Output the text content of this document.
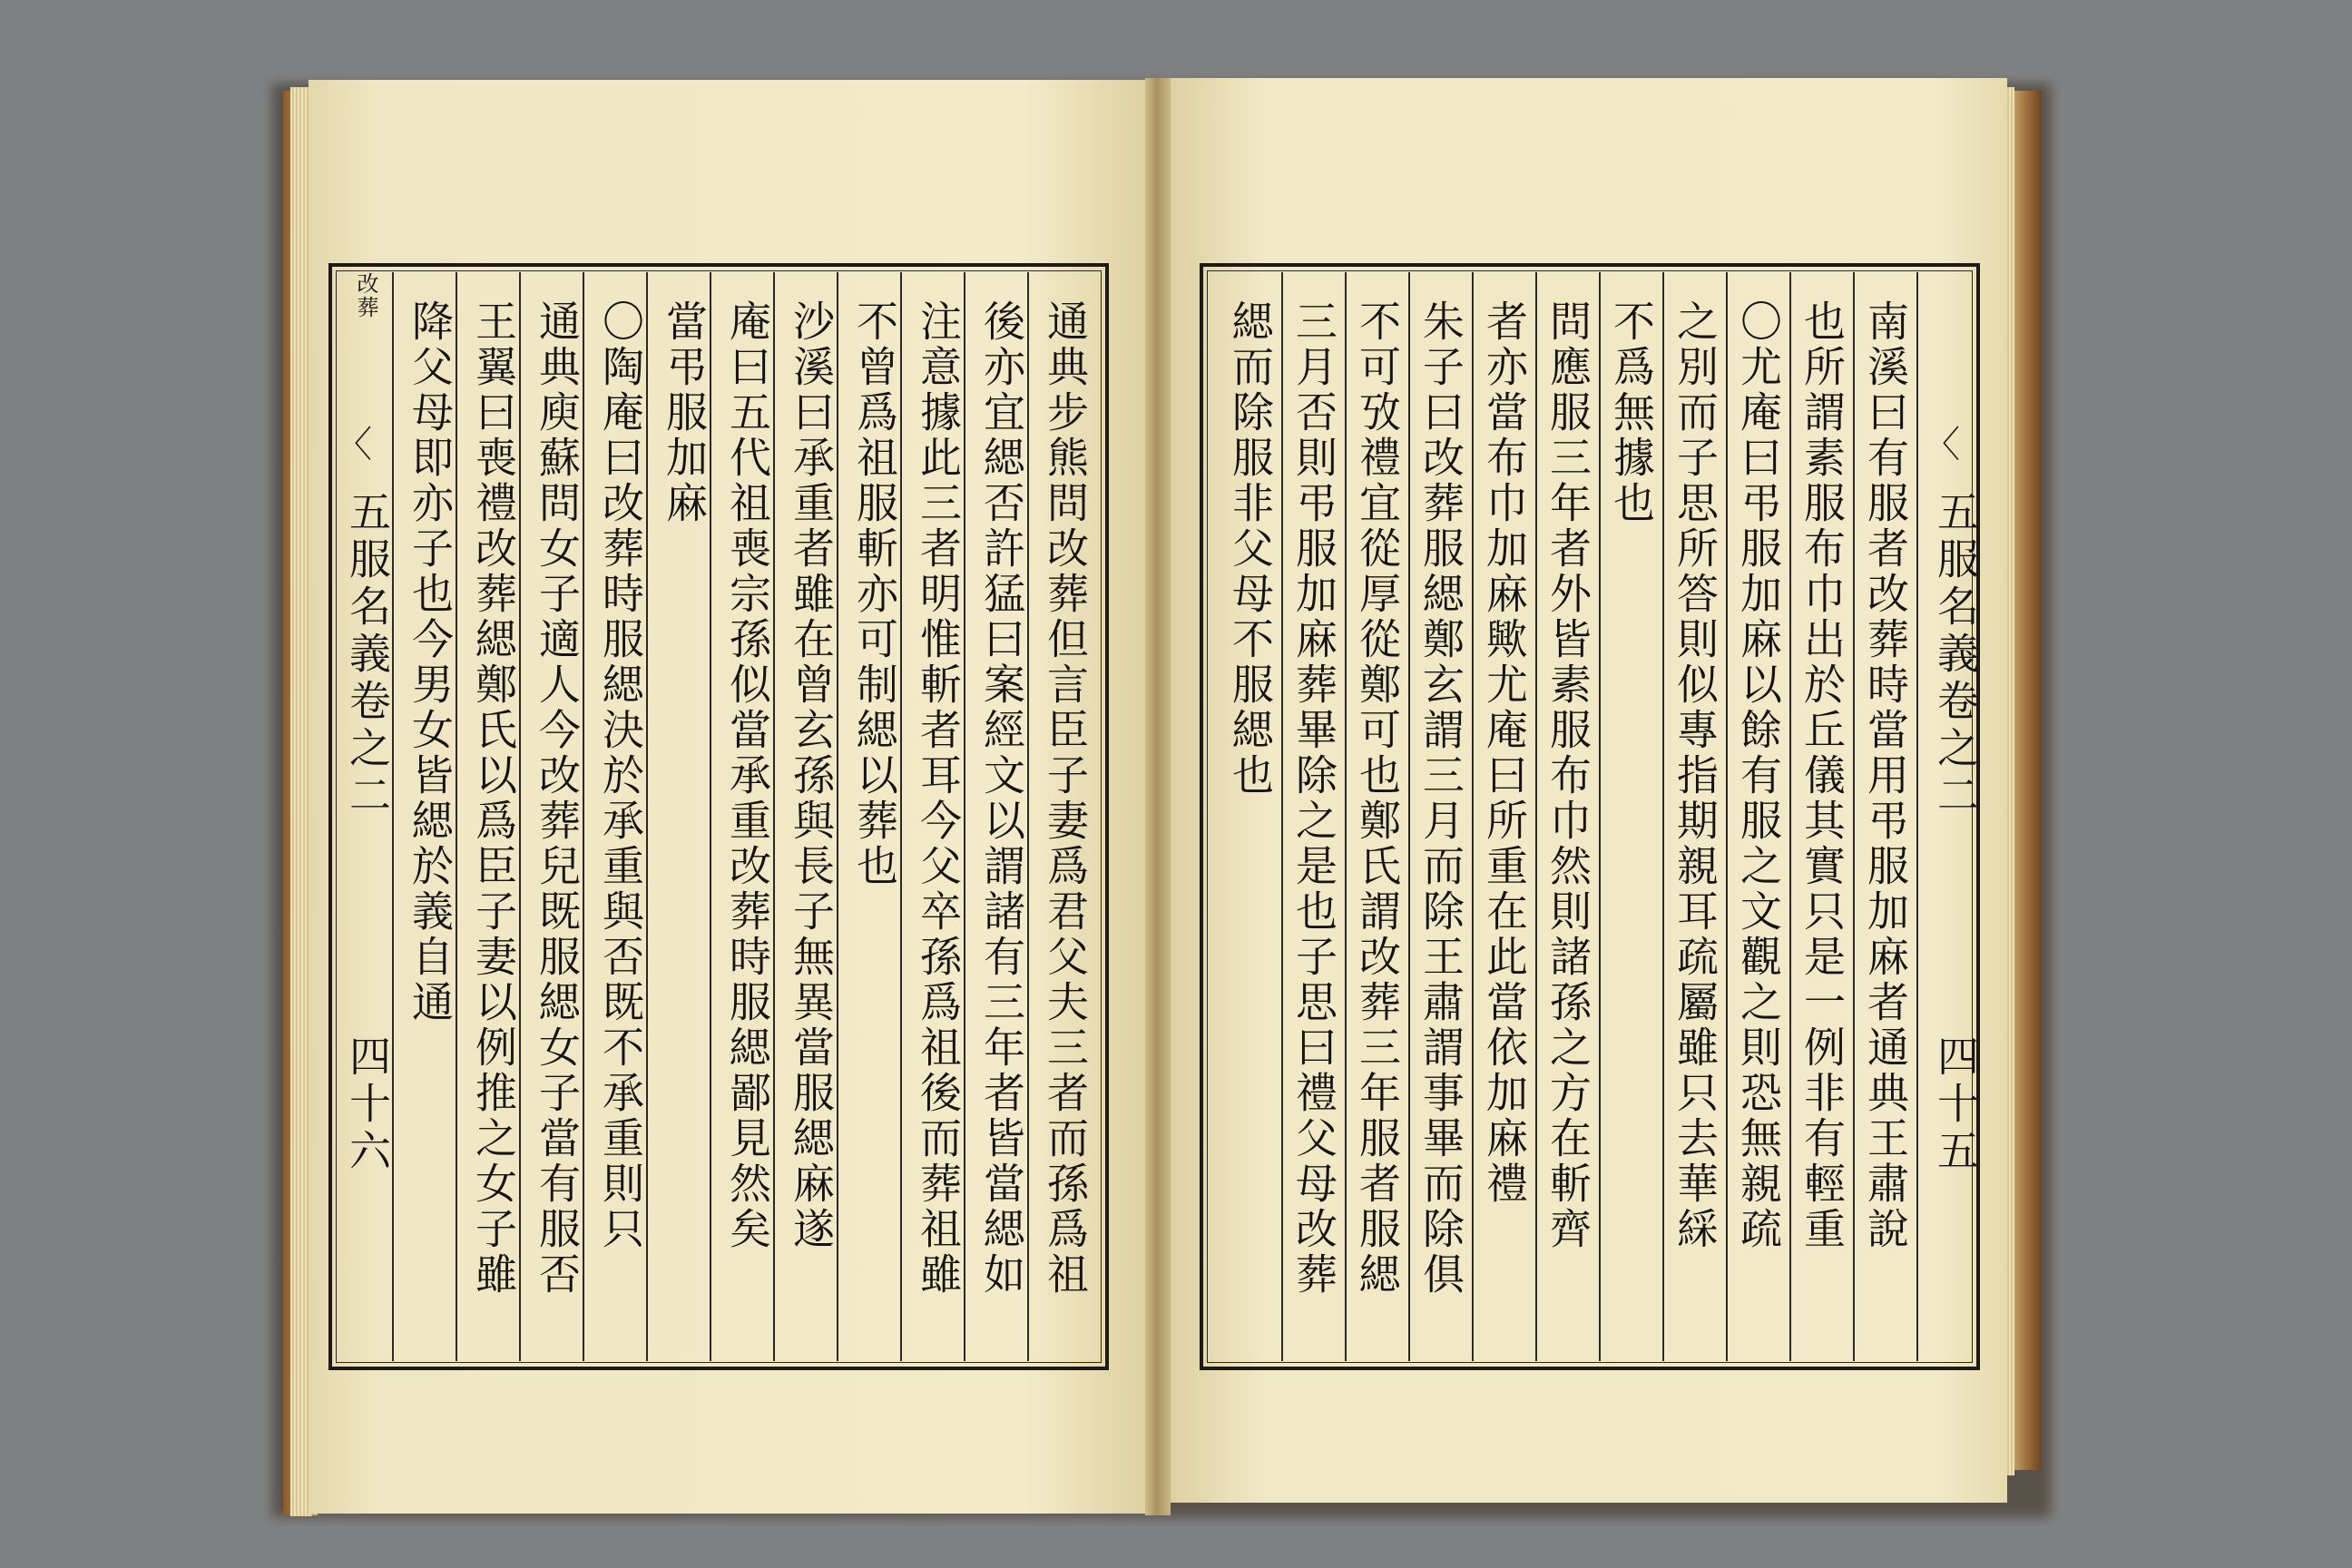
改葬
〈
五服名義卷之二
四十六
降父母即亦子也今男女皆緦於義自通 王翼曰喪禮改葬緦鄭氏以爲臣子妻以例推之女子雖 通典庾蘇問女子適人今改葬兒既服緦女子當有服否 〇陶庵曰改葬時服緦決於承重與否既不承重則只 當弔服加麻 庵曰五代祖喪宗孫似當承重改葬時服緦鄙見然矣 沙溪曰承重者雖在曾玄孫與長子無異當服緦麻遂 不曾爲祖服斬亦可制緦以葬也 注意據此三者明惟斬者耳今父卒孫爲祖後而葬祖雖 後亦宜緦否許猛曰案經文以謂諸有三年者皆當緦如 通典步熊問改葬但言臣子妻爲君父夫三者而孫爲祖	〈
五服名義卷之二
四十五
南溪曰有服者改葬時當用弔服加麻者通典王肅說
也所謂素服布巾出於丘儀其實只是一例非有輕重
〇尤庵曰弔服加麻以餘有服之文觀之則恐無親疏
之別而子思所答則似專指期親耳疏屬雖只去華綵
不爲無據也
問應服三年者外皆素服布巾然則諸孫之方在斬齊
者亦當布巾加麻歟尤庵曰所重在此當依加麻禮
朱子曰改葬服緦鄭玄謂三月而除王肅謂事畢而除俱
不可攷禮宜從厚從鄭可也鄭氏謂改葬三年服者服緦
三月否則弔服加麻葬畢除之是也子思曰禮父母改葬
緦而除服非父母不服緦也
